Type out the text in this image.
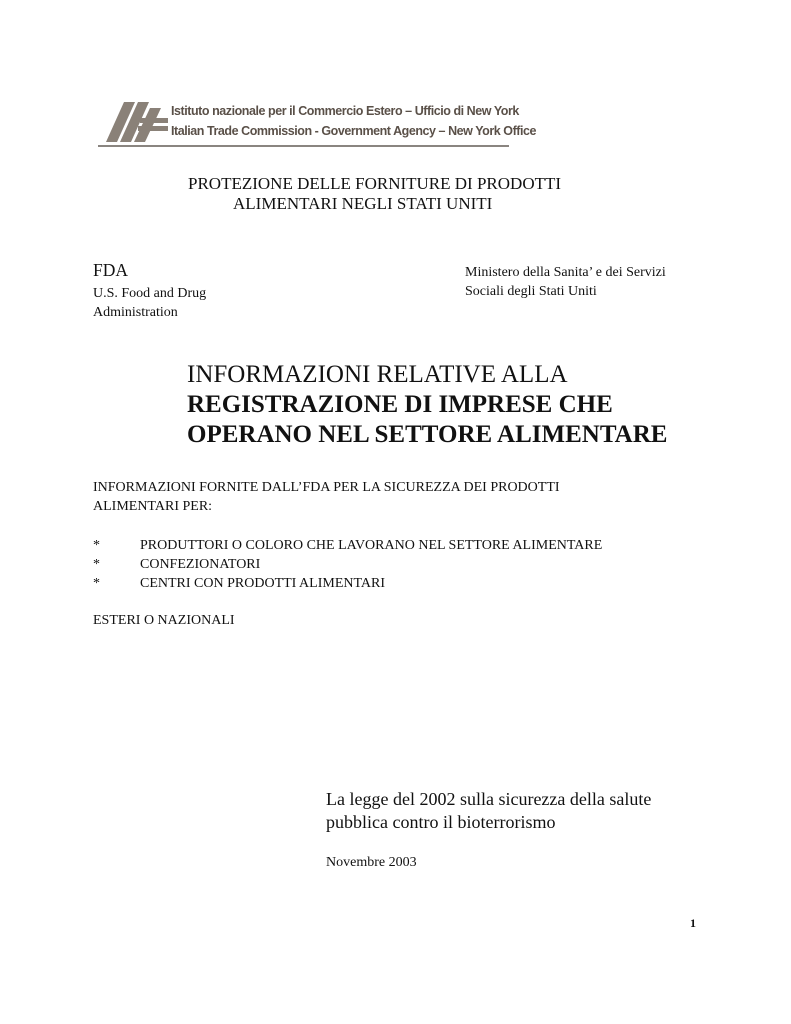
Istituto nazionale per il Commercio Estero – Ufficio di New York
Italian Trade Commission - Government Agency – New York Office
PROTEZIONE DELLE FORNITURE DI PRODOTTI
ALIMENTARI NEGLI STATI UNITI
FDA
U.S. Food and Drug
Administration
Ministero della Sanita’ e dei Servizi
Sociali degli Stati Uniti
INFORMAZIONI RELATIVE ALLA
REGISTRAZIONE DI IMPRESE CHE
OPERANO NEL SETTORE ALIMENTARE
INFORMAZIONI FORNITE DALL’FDA PER LA SICUREZZA DEI PRODOTTI
ALIMENTARI PER:
*	PRODUTTORI O COLORO CHE LAVORANO NEL SETTORE ALIMENTARE
*	CONFEZIONATORI
*	CENTRI CON PRODOTTI ALIMENTARI
ESTERI O NAZIONALI
La legge del 2002 sulla sicurezza della salute
pubblica contro il bioterrorismo
Novembre 2003
1
